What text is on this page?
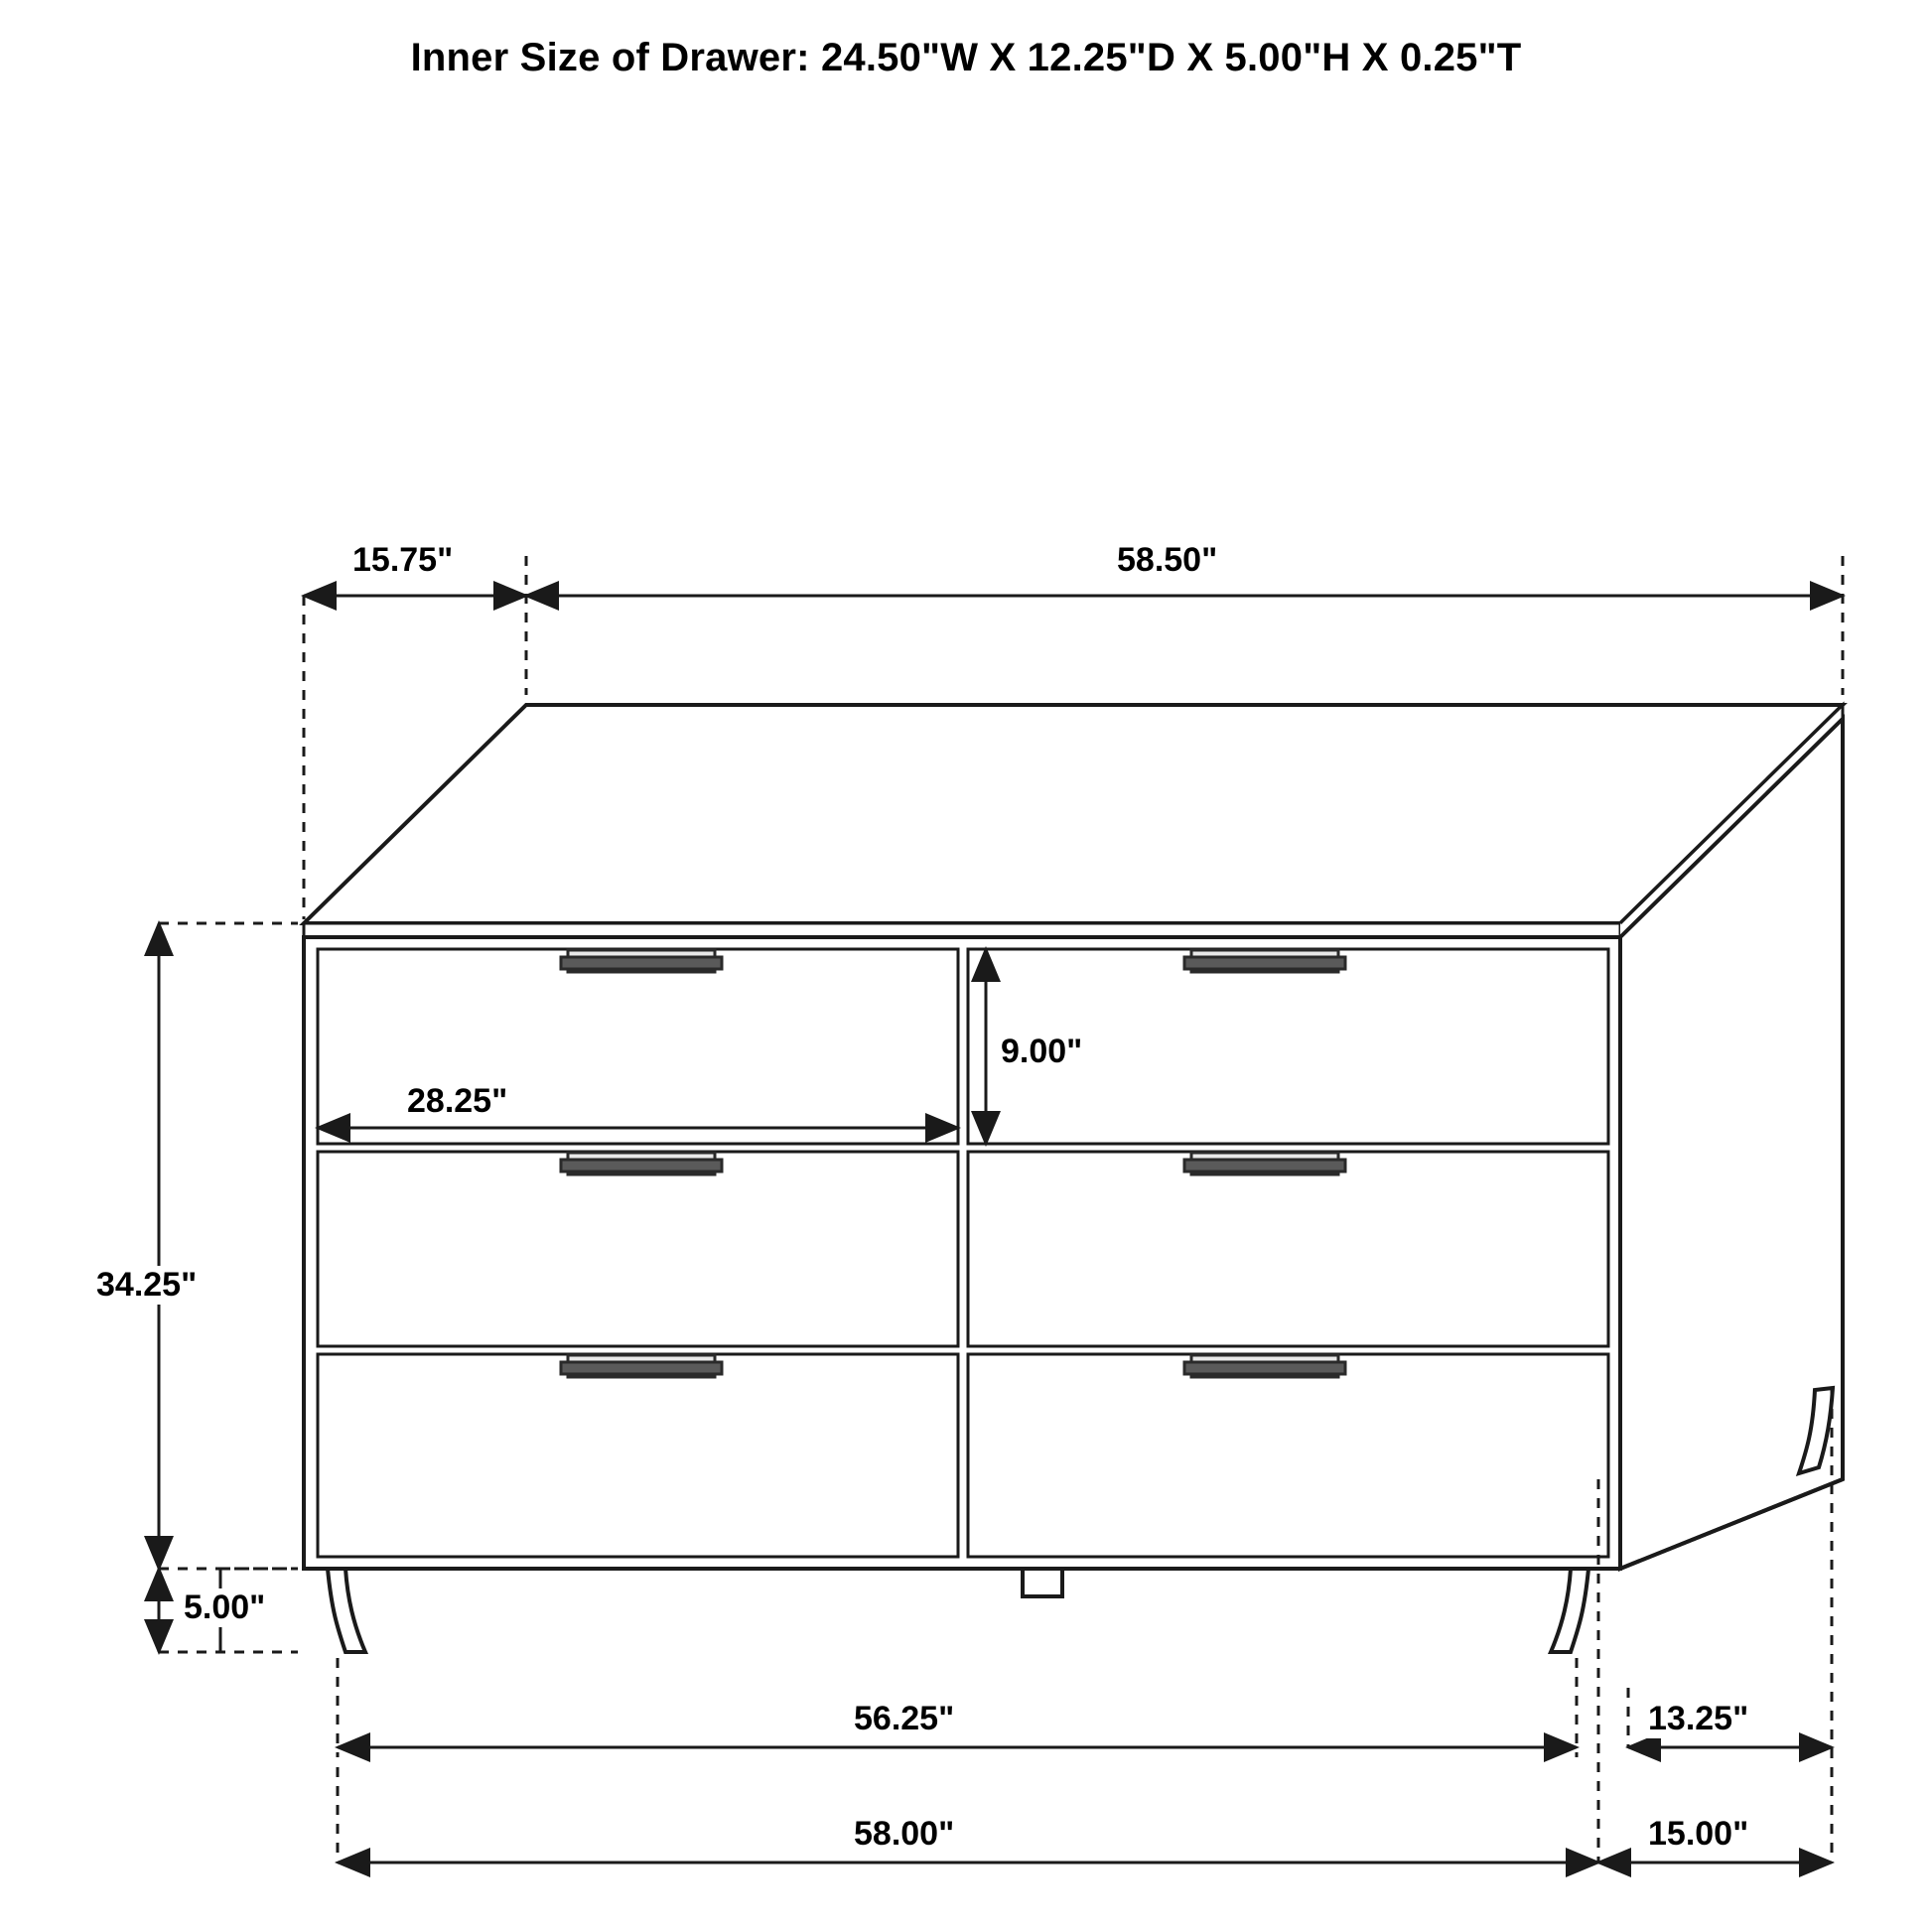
Inner Size of Drawer: 24.50"W X 12.25"D X 5.00"H X 0.25"T
15.75"	58.50"
34.25"
5.00"
28.25"
9.00"
56.25"
58.00"
13.25"
15.00"
